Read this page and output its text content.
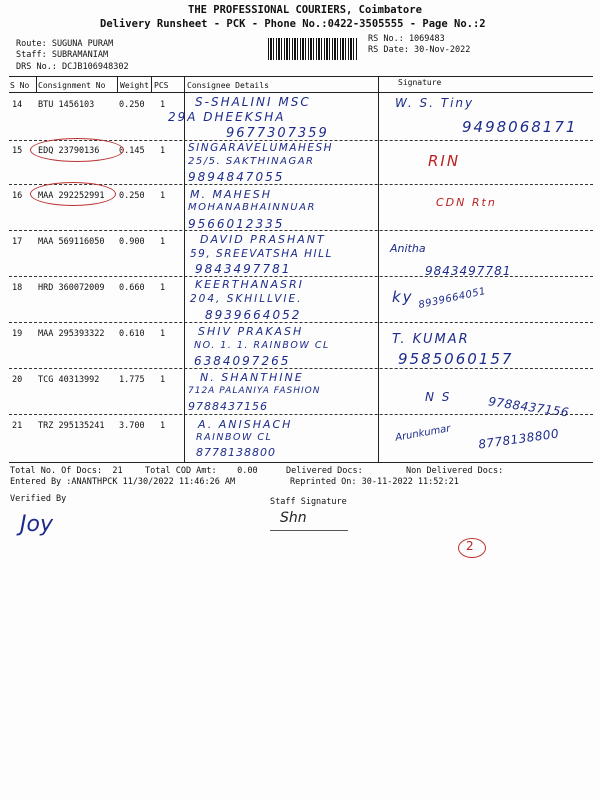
THE PROFESSIONAL COURIERS, Coimbatore
Delivery Runsheet - PCK - Phone No.:0422-3505555 - Page No.:2
Route: SUGUNA PURAM
Staff: SUBRAMANIAM
DRS No.: DCJB106948302
RS No.: 1069483
RS Date: 30-Nov-2022
S No Consignment No Weight PCS Consignee Details	Signature
14 BTU 1456103	0.250 1 S-SHALINI MSC
29A DHEEKSHA
9677307359
W. S. Tiny
9498068171
15 EDQ 23790136 0.145 1 SINGARAVELUMAHESH
25/5. SAKTHINAGAR
9894847055
RIN
16 MAA 292252991 0.250 1 M. MAHESH
MOHANABHAINNUAR
9566012335
CDN Rtn
17 MAA 569116050 0.900 1	DAVID PRASHANT
59, SREEVATSHA HILL
9843497781
Anitha
9843497781
18 HRD 360072009 0.660 1	KEERTHANASRI
204, SKHILLVIE.
8939664052
ky 8939664051
19 MAA 295393322 0.610 1	SHIV PRAKASH
NO. 1. 1. RAINBOW CL
6384097265
T. KUMAR
9585060157
20 TCG 40313992 1.775 1	N. SHANTHINE
712A PALANIYA FASHION
9788437156
N S	9788437156
21 TRZ 295135241 3.700 1	A. ANISHACH
RAINBOW CL
8778138800
Arunkumar 8778138800
Total No. Of Docs:  21	Total COD Amt:    0.00	Delivered Docs:	Non Delivered Docs:
Entered By :ANANTHPCK 11/30/2022 11:46:26 AM	Reprinted On: 30-11-2022 11:52:21
Verified By	Staff Signature
Joy	Shn
2
